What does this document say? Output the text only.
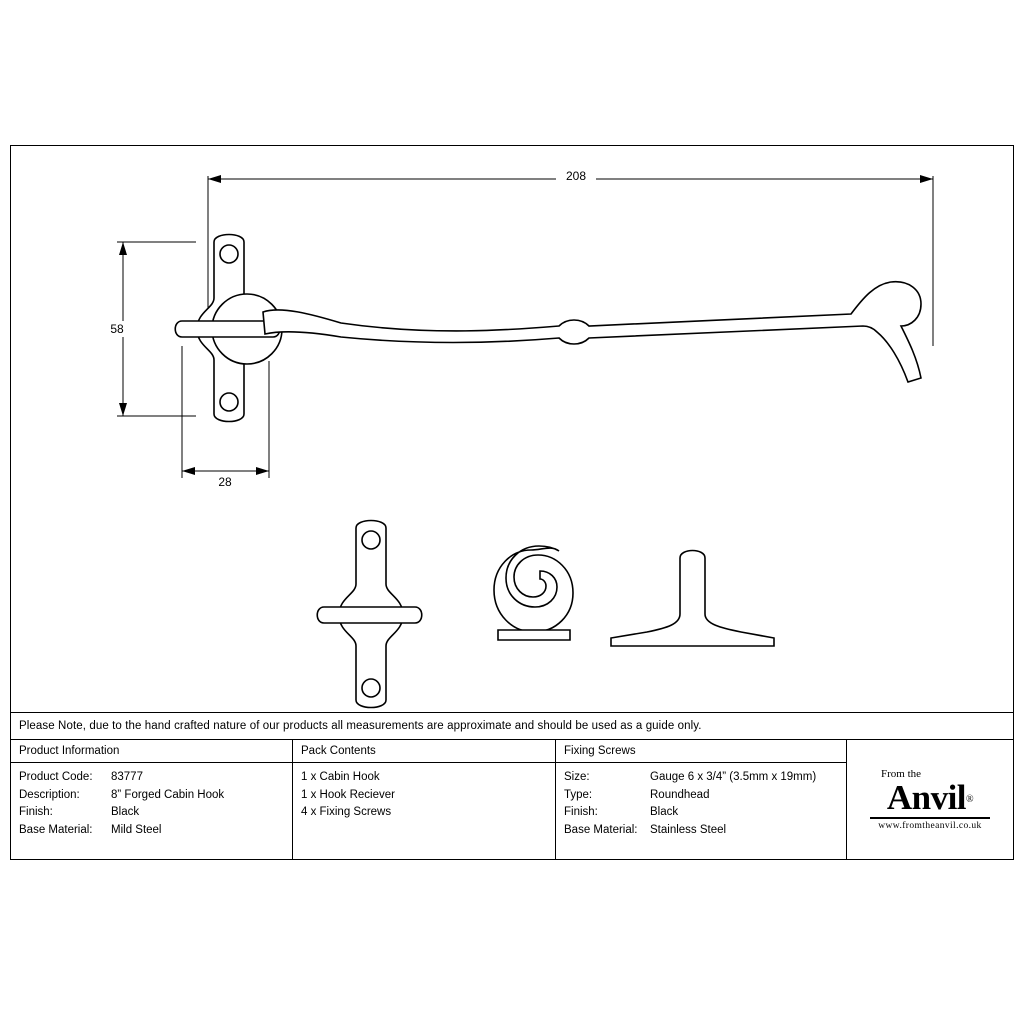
208
58
28
Please Note, due to the hand crafted nature of our products all measurements are approximate and should be used as a guide only.
Product Information
Product Code:	83777
Description:	8” Forged Cabin Hook
Finish:	Black
Base Material:	Mild Steel
Pack Contents
1 x Cabin Hook
1 x Hook Reciever
4 x Fixing Screws
Fixing Screws
Size:	Gauge 6 x 3/4” (3.5mm x 19mm)
Type:	Roundhead
Finish:	Black
Base Material:	Stainless Steel
From the
Anvil®
www.fromtheanvil.co.uk
